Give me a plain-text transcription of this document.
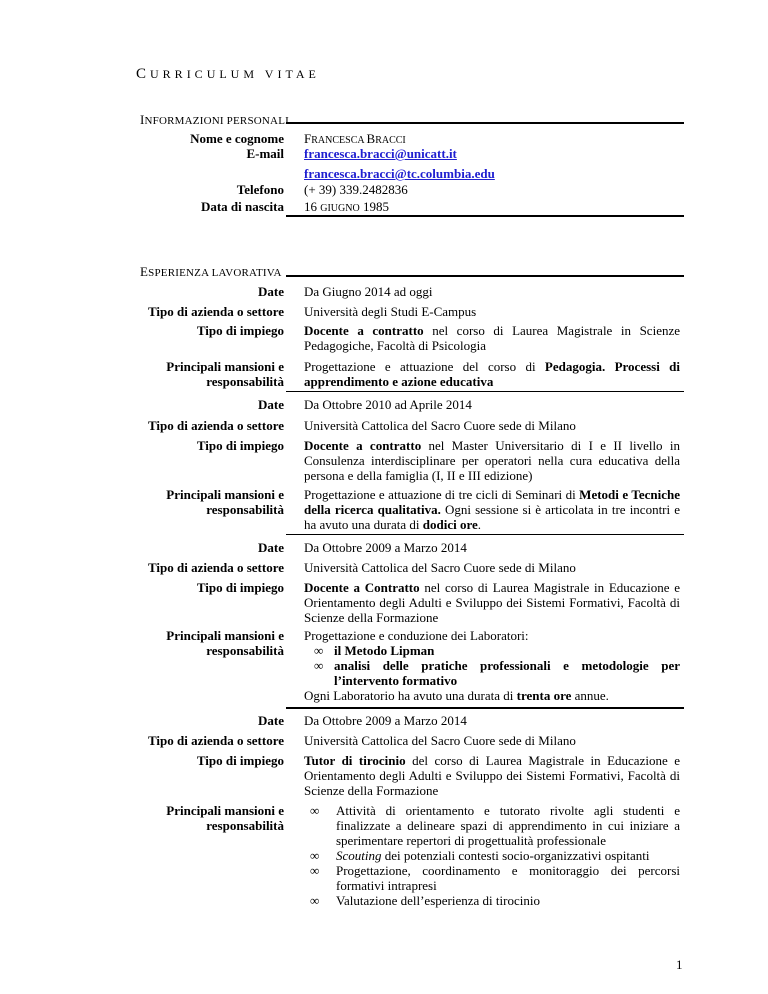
CURRICULUM VITAE
INFORMAZIONI PERSONALI
Nome e cognome FRANCESCA BRACCI
E-mail francesca.bracci@unicatt.it
francesca.bracci@tc.columbia.edu
Telefono (+ 39) 339.2482836
Data di nascita 16 GIUGNO 1985
ESPERIENZA LAVORATIVA
Date Da Giugno 2014 ad oggi
Tipo di azienda o settore Università degli Studi E-Campus
Tipo di impiego Docente a contratto nel corso di Laurea Magistrale in Scienze Pedagogiche, Facoltà di Psicologia
Principali mansioni e
responsabilità
Progettazione e attuazione del corso di Pedagogia. Processi di apprendimento e azione educativa
Date Da Ottobre 2010 ad Aprile 2014
Tipo di azienda o settore Università Cattolica del Sacro Cuore sede di Milano
Tipo di impiego Docente a contratto nel Master Universitario di I e II livello in Consulenza interdisciplinare per operatori nella cura educativa della persona e della famiglia (I, II e III edizione)
Principali mansioni e
responsabilità
Progettazione e attuazione di tre cicli di Seminari di Metodi e Tecniche della ricerca qualitativa. Ogni sessione si è articolata in tre incontri e ha avuto una durata di dodici ore.
Date Da Ottobre 2009 a Marzo 2014
Tipo di azienda o settore Università Cattolica del Sacro Cuore sede di Milano
Tipo di impiego Docente a Contratto nel corso di Laurea Magistrale in Educazione e Orientamento degli Adulti e Sviluppo dei Sistemi Formativi, Facoltà di Scienze della Formazione
Principali mansioni e
responsabilità
Progettazione e conduzione dei Laboratori:
∞ il Metodo Lipman
∞ analisi delle pratiche professionali e metodologie per l’intervento formativo
Ogni Laboratorio ha avuto una durata di trenta ore annue.
Date Da Ottobre 2009 a Marzo 2014
Tipo di azienda o settore Università Cattolica del Sacro Cuore sede di Milano
Tipo di impiego Tutor di tirocinio del corso di Laurea Magistrale in Educazione e Orientamento degli Adulti e Sviluppo dei Sistemi Formativi, Facoltà di Scienze della Formazione
Principali mansioni e
responsabilità
∞ Attività di orientamento e tutorato rivolte agli studenti e finalizzate a delineare spazi di apprendimento in cui iniziare a sperimentare repertori di progettualità professionale
∞ Scouting dei potenziali contesti socio-organizzativi ospitanti
∞ Progettazione, coordinamento e monitoraggio dei percorsi formativi intrapresi
∞ Valutazione dell’esperienza di tirocinio
1
